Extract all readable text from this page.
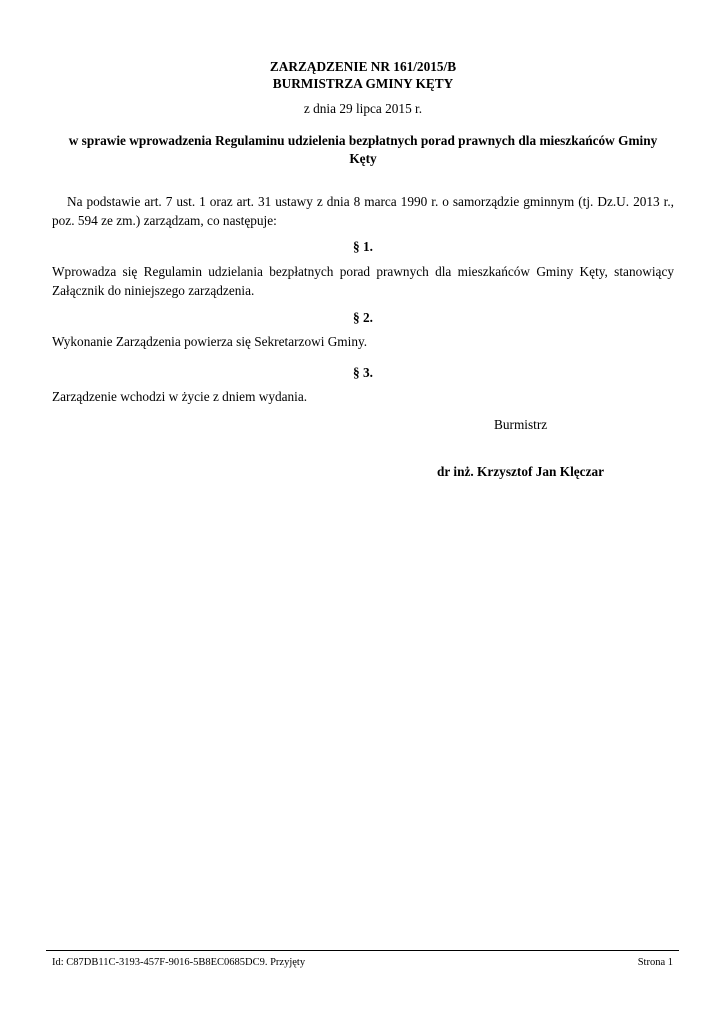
ZARZĄDZENIE NR 161/2015/B
BURMISTRZA GMINY KĘTY
z dnia 29 lipca 2015 r.
w sprawie wprowadzenia Regulaminu udzielenia bezpłatnych porad prawnych dla mieszkańców Gminy
Kęty
Na podstawie art. 7 ust. 1 oraz art. 31 ustawy z dnia 8 marca 1990 r. o samorządzie gminnym (tj. Dz.U. 2013 r.,
poz. 594 ze zm.) zarządzam, co następuje:
§ 1.
Wprowadza się Regulamin udzielania bezpłatnych porad prawnych dla mieszkańców Gminy Kęty, stanowiący
Załącznik do niniejszego zarządzenia.
§ 2.
Wykonanie Zarządzenia powierza się Sekretarzowi Gminy.
§ 3.
Zarządzenie wchodzi w życie z dniem wydania.
Burmistrz
dr inż. Krzysztof Jan Klęczar
Id: C87DB11C-3193-457F-9016-5B8EC0685DC9. Przyjęty	Strona 1
